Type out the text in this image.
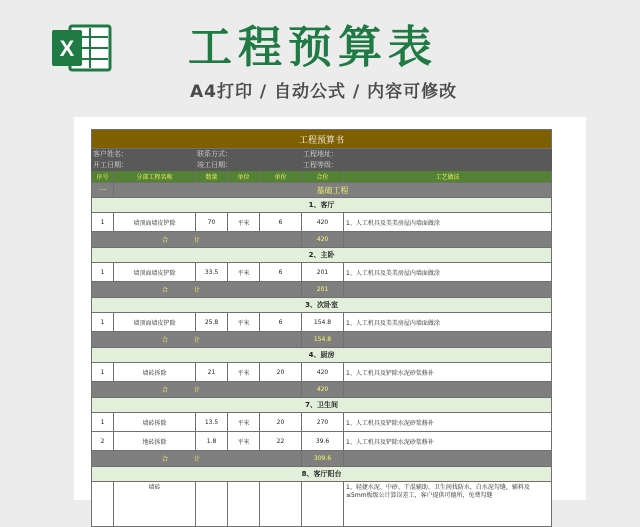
X	工程预算表
A4打印 / 自动公式 / 内容可修改
工程预算书						
客户姓名：		联系方式：			工程地址：	
开工日期：		竣工日期：			工程等级：	
序号	分部工程名称	数量	单位	单价	合价	工艺做法
一	基础工程					
1、客厅						
1	墙顶面墙皮铲除	70	平米	6	420	1、人工机具及美美房屋内墙面做涂
合计					420	
2、主卧						
1	墙顶面墙皮铲除	33.5	平米	6	201	1、人工机具及美美房屋内墙面做涂
合计					201	
3、次卧室						
1	墙顶面墙皮铲除	25.8	平米	6	154.8	1、人工机具及美美房屋内墙面做涂
合计					154.8	
4、厨房						
1	墙砖拆除	21	平米	20	420	1、人工机具及铲除水泥砂浆修补
合计					420	
7、卫生间						
1	墙砖拆除	13.5	平米	20	270	1、人工机具及铲除水泥砂浆修补
2	地砖拆除	1.8	平米	22	39.6	1、人工机具及铲除水泥砂浆修补
合计					309.6	
8、客厅阳台						
	墙砖					1、轻捷水泥、中砂、干混辅助、卫生间找防水，白水泥勾缝，辅料及≤5mm板级公计算误差工，客户提供可德所，免费勾缝
